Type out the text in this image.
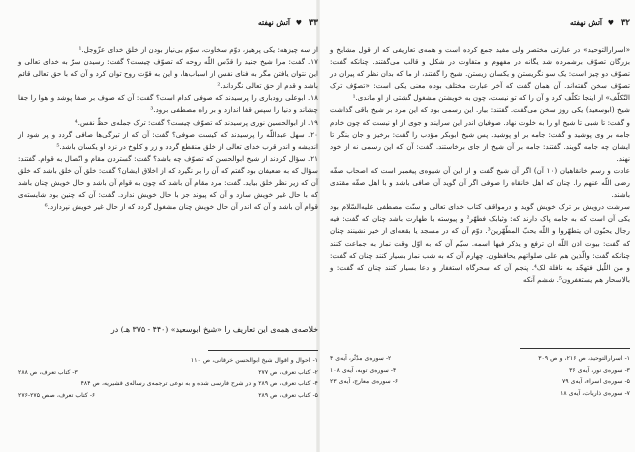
۳۳
♥
آتش نهفته

از سه چیزهه: یکی پرهیز، دوّم سخاوت، سوّم بی‌نیاز بودن از خلق خدای عزّوجل.¹

۱۷. گفت: مرا شیخ جنید را قدّس اللّه روحه که تصوّف چیست؟ گفت: رسیدن سرّ به خدای تعالی و این نتوان یافتن مگر به فنای نفس از اسباب‌ها، و این به قوّت روح توان کرد و آن که با حق تعالی قائم باشد و قدم از حق تعالی نگرداند.²

۱۸. ابوعلی رودباری را پرسیدند که صوفی کدام است؟ گفت: آن که صوف بر صفا پوشد و هوا را جفا چشاند و دنیا را سپس قفا اندازد و بر راه مصطفی برود.³

۱۹. از ابوالحسین نوری پرسیدند که تصوّف چیست؟ گفت: ترک جمله‌ی حظّ نفس.⁴

۲۰. سهل عبداللّه را پرسیدند که کیست صوفی؟ گفت: آن که از تیرگی‌ها صافی گردد و پر شود از اندیشه و اندر قرب خدای تعالی از خلق منقطع گردد و زر و کلوخ در نزد او یکسان باشد.⁵

۲۱. سؤال کردند از شیخ ابوالحسن که تصوّف چه باشد؟ گفت: گستردن مقام و اتّصال به قوام. گفتند: سؤال که به ضعیفان بود گفتم که آن را بر نگیرد که از اخلاق ایشان؟ گفت: خلق آن خلق باشد که خلق آن که زیر نظر خلق بیاید. گفت: مرد مقام آن باشد که چون به قوام آن باشد و حال خویش چنان باشد که با حال غیر خویش سازد و آن که پیوند جز با حال خویش ندارد. گفت: آن که چنین بود شایسته‌ی قوام آن باشد و آن که اندر آن حال خویش چنان مشغول گردد که از حال غیر خویش نپردازد.⁶

خلاصه‌ی همه‌ی این تعاریف را «شیخ ابوسعید» (۴۴۰ - ۳۷۵ هـ) در
۱- احوال و اقوال شیخ ابوالحسن خرقانی، ص ۱۱۰
۲- کتاب تعرف، ص ۲۷۷
۳- کتاب تعرف، ص ۲۸۸
۴- کتاب تعرف، ص ۲۸۹ و در شرح فارسی شده و به نوعی ترجمه‌ی رساله‌ی قشیریه، ص ۴۸۴
۵- کتاب تعرف، ص ۲۸۹
۶- کتاب تعرف، صص ۲۷۵-۲۷۶
۳۲
♥
آتش نهفته

«اسرارالتوحید» در عبارتی مختصر ولی مفید جمع کرده است و همه‌ی تعاریفی که از قول مشایخ و بزرگان تصوّف برشمرده شد یگانه در مفهوم و متفاوت در شکل و قالب می‌گفتند. چنانکه گفت: تصوّف دو چیز است: یک سو نگریستن و یکسان زیستن. شیخ را گفتند، از ما که بدان نظر که پیران در تصوّف سخن گفته‌اند. آن همان گفت که آخر عبارت مختلف بوده معنی یکی است: «تصوّف ترک التّکلّف» از اینجا تکلّف کرد و آن را که تو نیست، چون به خویشتن مشغول گشتی از او ماندی.¹

شیخ (ابوسعید) یکی روز سخن می‌گفت. گفتند: بیار. این رسمی بود که این مرد بر شیخ باقی گذاشت و گفت: تا شبی تا شیخ او را به خلوت نهاد. صوفیان اندر این سرایند و جوی از او نیست که چون خادم جامه بر وی پوشید و گفت: جامه بر او پوشید. پس شیخ ابوبکر مؤدب را گفت: برخیز و جان بنگر تا ایشان چه جامه گویند. گفتند: جامه بر آن شیخ از جای برخاستند. گفت: آن که این رسمی نه از خود نهند.

عادت و رسم خانقاهیان (۱۰ آن) اگر آن شیخ گفت و از این آن شیوه‌ی پیغمبر است که اصحاب صفّه رضی اللّه عنهم را. چنان که اهل خانقاه را صوفی اگر آن گوید آن صافی باشد و با اهل صفّه مقتدی باشند.

سرشت درویش بر ترک خویش گوید و درمواقف کتاب خدای تعالی و سنّت مصطفی علیه‌السّلام بود یکی آن است که به جامه پاک دارند که: وثیابک فطهّر² و پیوسته با طهارت باشد چنان که گفت: فیه رجال یحبّون ان یتطهّروا و اللّه یحبّ المطّهّرین³. دوّم آن که در مسجد یا بقعه‌ای از خیر نشینند چنان که گفت: بیوت اذن اللّه ان ترفع و یذکر فیها اسمه. سیّم آن که به اوّل وقت نماز به جماعت کنند چنانکه گفت: والّذین هم علی صلواتهم یحافظون. چهارم آن که به شب نماز بسیار کنند چنان که گفت: و من اللّیل فتهجّد به نافلة لک⁴. پنجم آن که سحرگاه استغفار و دعا بسیار کنند چنان که گفت: و بالاسحار هم یستغفرون⁵. ششم آنکه

۱- اسرارالتوحید، ص ۲۱۶، و ص ۳۰۹
۲- سوره‌ی مدّثّر، آیه‌ی ۴
۳- سوره‌ی نور، آیه‌ی ۳۶
۴- سوره‌ی توبه، آیه‌ی ۱۰۸
۵- سوره‌ی اسراء، آیه‌ی ۷۹
۶- سوره‌ی معارج، آیه‌ی ۲۳
۷- سوره‌ی ذاریات، آیه‌ی ۱۸
